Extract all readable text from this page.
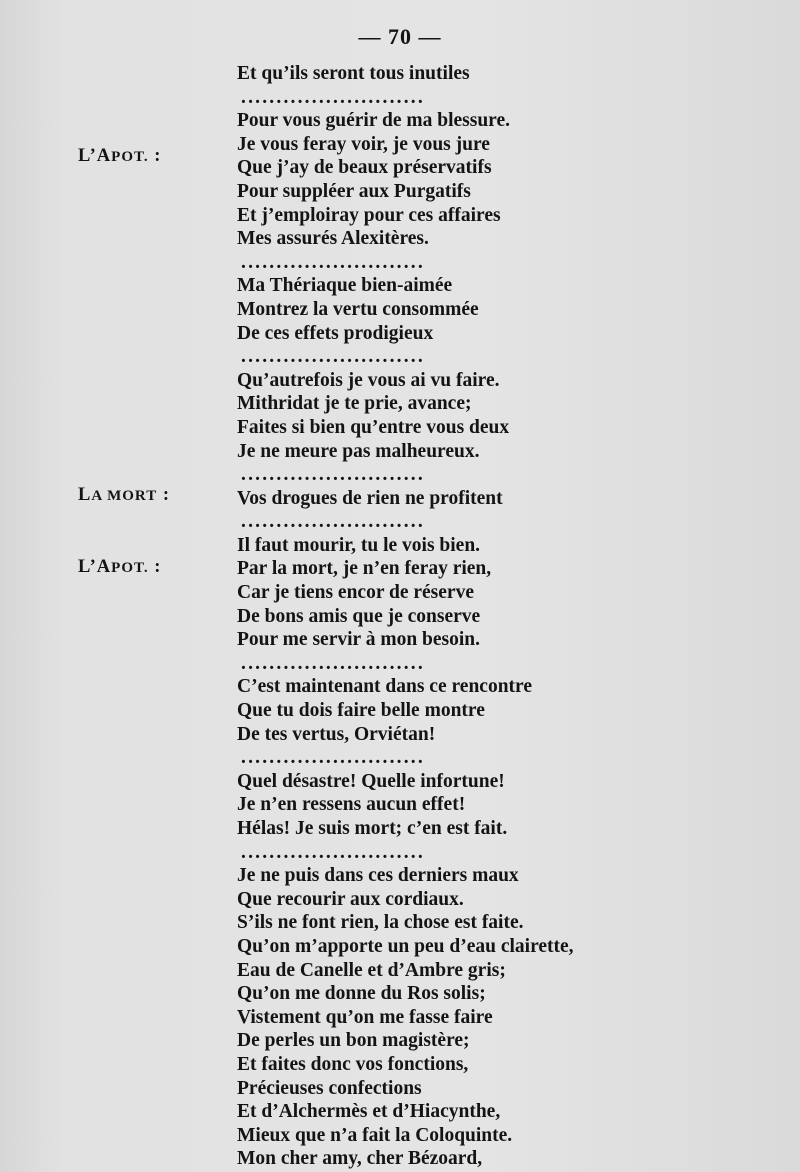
— 70 —
L’APOT. :
LA MORT :
L’APOT. :
Et qu’ils seront tous inutiles
..........................
Pour vous guérir de ma blessure.
Je vous feray voir, je vous jure
Que j’ay de beaux préservatifs
Pour suppléer aux Purgatifs
Et j’emploiray pour ces affaires
Mes assurés Alexitères.
..........................
Ma Thériaque bien-aimée
Montrez la vertu consommée
De ces effets prodigieux
..........................
Qu’autrefois je vous ai vu faire.
Mithridat je te prie, avance;
Faites si bien qu’entre vous deux
Je ne meure pas malheureux.
..........................
Vos drogues de rien ne profitent
..........................
Il faut mourir, tu le vois bien.
Par la mort, je n’en feray rien,
Car je tiens encor de réserve
De bons amis que je conserve
Pour me servir à mon besoin.
..........................
C’est maintenant dans ce rencontre
Que tu dois faire belle montre
De tes vertus, Orviétan!
..........................
Quel désastre! Quelle infortune!
Je n’en ressens aucun effet!
Hélas! Je suis mort; c’en est fait.
..........................
Je ne puis dans ces derniers maux
Que recourir aux cordiaux.
S’ils ne font rien, la chose est faite.
Qu’on m’apporte un peu d’eau clairette,
Eau de Canelle et d’Ambre gris;
Qu’on me donne du Ros solis;
Vistement qu’on me fasse faire
De perles un bon magistère;
Et faites donc vos fonctions,
Précieuses confections
Et d’Alchermès et d’Hiacynthe,
Mieux que n’a fait la Coloquinte.
Mon cher amy, cher Bézoard,
